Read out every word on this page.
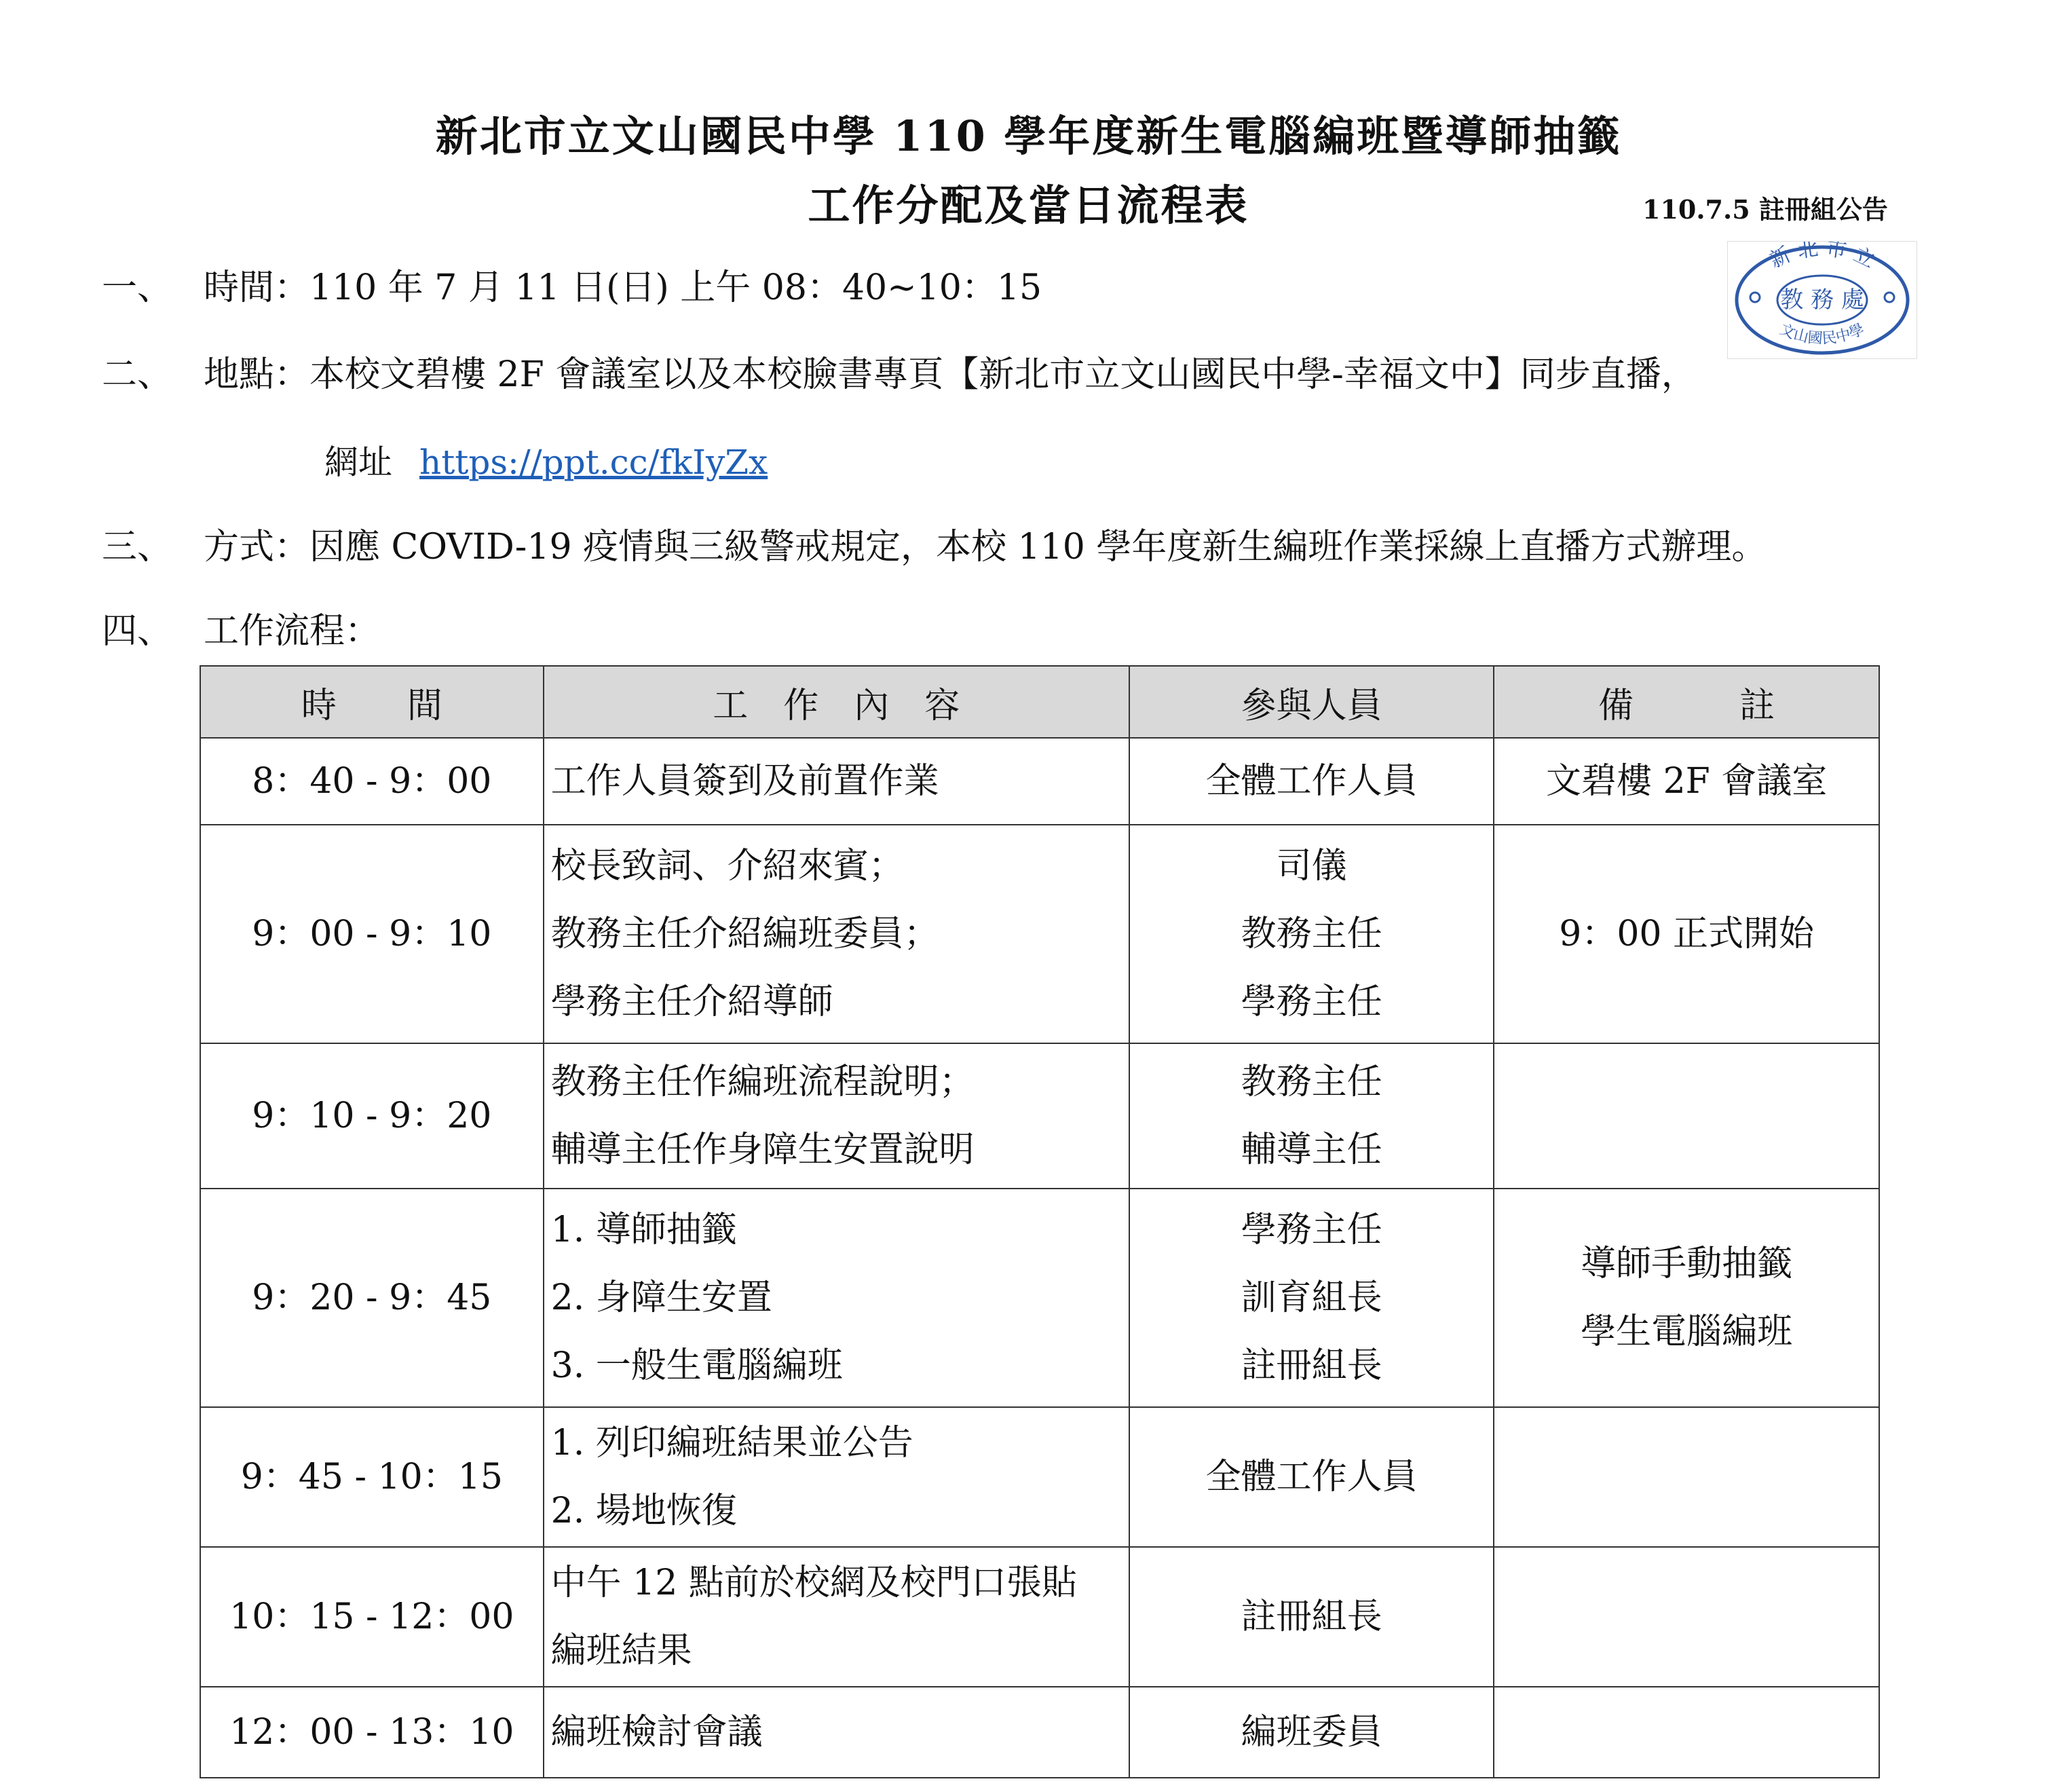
新北市立文山國民中學 110 學年度新生電腦編班暨導師抽籤
工作分配及當日流程表	110.7.5 註冊組公告
新 北 市 立
教 務 處
文山國民中學
一、 時間：110 年 7 月 11 日(日) 上午 08：40~10：15
二、 地點：本校文碧樓 2F 會議室以及本校臉書專頁【新北市立文山國民中學-幸福文中】同步直播，
網址 https://ppt.cc/fkIyZx
三、 方式：因應 COVID-19 疫情與三級警戒規定，本校 110 學年度新生編班作業採線上直播方式辦理。
四、 工作流程：
時　　間	工　作　內　容	參與人員	備　　　註
8：40 - 9：00	工作人員簽到及前置作業	全體工作人員	文碧樓 2F 會議室

9：00 - 9：10	校長致詞、介紹來賓；
教務主任介紹編班委員；
學務主任介紹導師	司儀
教務主任
學務主任	9：00 正式開始

9：10 - 9：20	教務主任作編班流程說明；
輔導主任作身障生安置說明	教務主任
輔導主任	

9：20 - 9：45	1. 導師抽籤
2. 身障生安置
3. 一般生電腦編班	學務主任
訓育組長
註冊組長	導師手動抽籤
學生電腦編班

9：45 - 10：15	1. 列印編班結果並公告
2. 場地恢復	全體工作人員	

10：15 - 12：00	中午 12 點前於校網及校門口張貼
編班結果	註冊組長	

12：00 - 13：10	編班檢討會議	編班委員	
